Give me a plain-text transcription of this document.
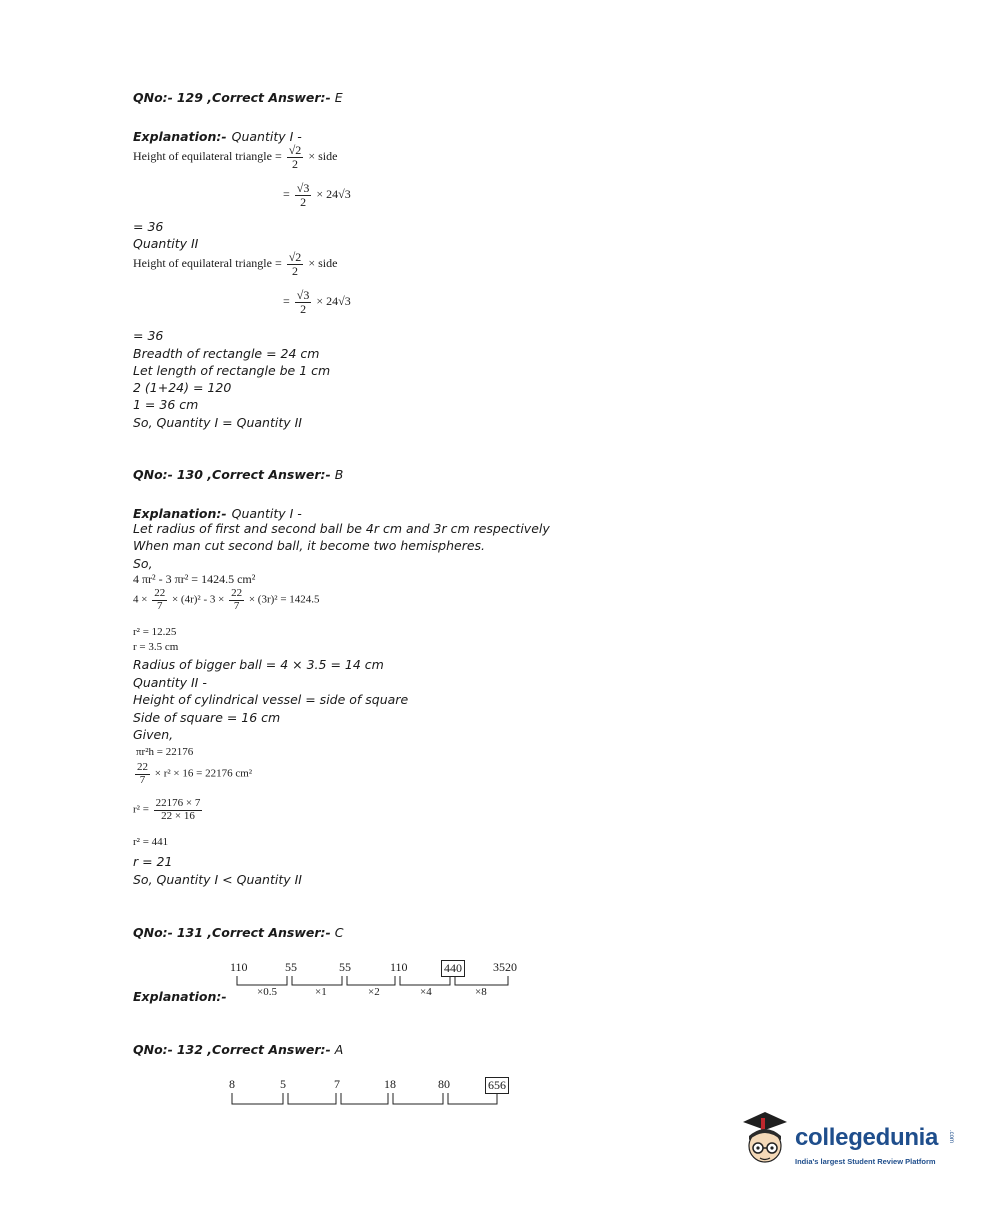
QNo:- 129 ,Correct Answer:- E
Explanation:- Quantity I -
Height of equilateral triangle = $\frac{√2}{2}$ × side
= $\frac{√3}{2} \times 24√3$
= 36
Quantity II
Height of equilateral triangle = $\frac{√2}{2}$ × side
= $\frac{√3}{2} \times 24√3$
= 36
Breadth of rectangle = 24 cm
Let length of rectangle be 1 cm
2 (1+24) = 120
1 = 36 cm
So, Quantity I = Quantity II
QNo:- 130 ,Correct Answer:- B
Explanation:- Quantity I -
Let radius of first and second ball be 4r cm and 3r cm respectively
When man cut second ball, it become two hemispheres.
So,
4 πr² - 3 πr² = 1424.5 cm²
$4 \times \frac{22}{7} \times (4r)^2 - 3 \times \frac{22}{7} \times (3r)^2 = 1424.5$
r² = 12.25
r = 3.5 cm
Radius of bigger ball = 4 × 3.5 = 14 cm
Quantity II -
Height of cylindrical vessel = side of square
Side of square = 16 cm
Given,
πr²h = 22176
$\frac{22}{7} \times r^2 \times 16 = 22176$ cm²
$r^2 = \frac{22176 \times 7}{22 \times 16}$
r² = 441
r = 21
So, Quantity I < Quantity II
QNo:- 131 ,Correct Answer:- C
Explanation:-
110	55	55	110	440	3520
×0.5	×1	×2	×4	×8
QNo:- 132 ,Correct Answer:- A
8	5	7	18	80	656
collegedunia .com
India's largest Student Review Platform
